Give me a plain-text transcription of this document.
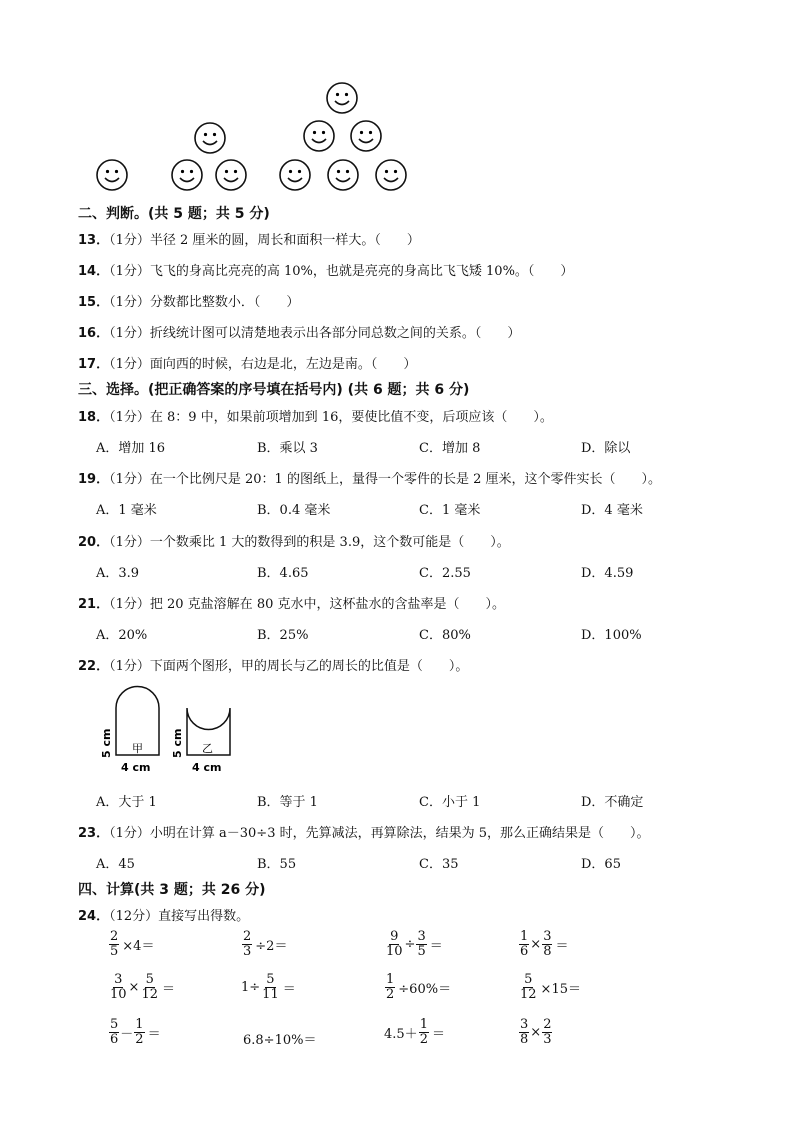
二、判断。(共 5 题；共 5 分)
13．（1分）半径 2 厘米的圆，周长和面积一样大。（　　）
14．（1分）飞飞的身高比亮亮的高 10%，也就是亮亮的身高比飞飞矮 10%。（　　）
15．（1分）分数都比整数小．（　　）
16．（1分）折线统计图可以清楚地表示出各部分同总数之间的关系。（　　）
17．（1分）面向西的时候，右边是北，左边是南。（　　）
三、选择。(把正确答案的序号填在括号内) (共 6 题；共 6 分)
18．（1分）在 8：9 中，如果前项增加到 16，要使比值不变，后项应该（　　）。
A．增加 16	B．乘以 3	C．增加 8	D．除以
19．（1分）在一个比例尺是 20：1 的图纸上，量得一个零件的长是 2 厘米，这个零件实长（　　）。
A．1 毫米	B．0.4 毫米	C．1 毫米	D．4 毫米
20．（1分）一个数乘比 1 大的数得到的积是 3.9，这个数可能是（　　）。
A．3.9	B．4.65	C．2.55	D．4.59
21．（1分）把 20 克盐溶解在 80 克水中，这杯盐水的含盐率是（　　）。
A．20%	B．25%	C．80%	D．100%
22．（1分）下面两个图形，甲的周长与乙的周长的比值是（　　）。
甲	乙
5 cm	5 cm
4 cm	4 cm
A．大于 1	B．等于 1	C．小于 1	D．不确定
23．（1分）小明在计算 a－30÷3 时，先算减法，再算除法，结果为 5，那么正确结果是（　　）。
A．45	B．55	C．35	D．65
四、计算(共 3 题；共 26 分)
24．（12分）直接写出得数。
$\frac{2}{5} \times 4=$	$\frac{2}{3} \div 2=$	$\frac{9}{10} \div \frac{3}{5}$ ＝	$\frac{1}{6} \times \frac{3}{8}$ ＝
$\frac{3}{10} \times \frac{5}{12}$ ＝	$1\div \frac{5}{11}$ ＝	$\frac{1}{2} \div 60\%=$	$\frac{5}{12} \times 15=$
$\frac{5}{6} - \frac{1}{2}$ ＝	6.8÷10%＝	$4.5+ \frac{1}{2}$ ＝	$\frac{3}{8} \times \frac{2}{3}$
